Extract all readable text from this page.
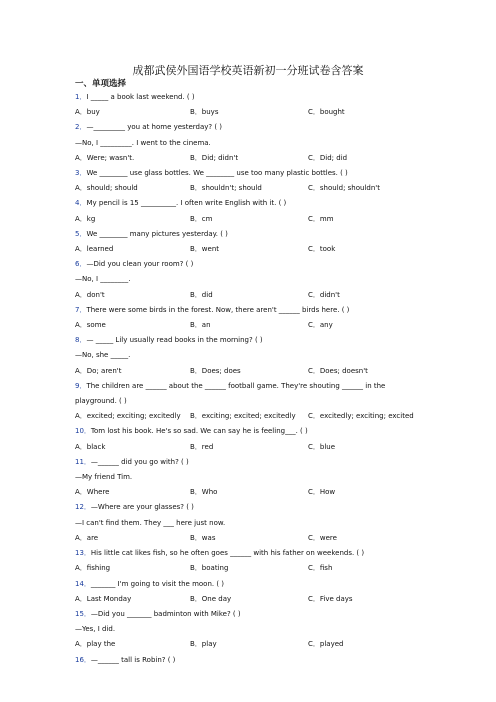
成都武侯外国语学校英语新初一分班试卷含答案
一、单项选择
1．I _____ a book last weekend. ( )
A．buy	B．buys	C．bought
2．—_________ you at home yesterday? ( )
—No, I _________. I went to the cinema.
A．Were; wasn't.	B．Did; didn't	C．Did; did
3．We ________ use glass bottles. We ________ use too many plastic bottles. ( )
A．should; should	B．shouldn't; should	C．should; shouldn't
4．My pencil is 15 __________. I often write English with it. ( )
A．kg	B．cm	C．mm
5．We ________ many pictures yesterday. ( )
A．learned	B．went	C．took
6．—Did you clean your room? ( )
—No, I ________.
A．don't	B．did	C．didn't
7．There were some birds in the forest. Now, there aren't ______ birds here. ( )
A．some	B．an	C．any
8．— _____ Lily usually read books in the morning? ( )
—No, she _____.
A．Do; aren't	B．Does; does	C．Does; doesn't
9．The children are ______ about the ______ football game. They're shouting ______ in the playground. ( )
A．excited; exciting; excitedly	B．exciting; excited; excitedly	C．excitedly; exciting; excited
10．Tom lost his book. He's so sad. We can say he is feeling___. ( )
A．black	B．red	C．blue
11．—______ did you go with? ( )
—My friend Tim.
A．Where	B．Who	C．How
12．—Where are your glasses? ( )
—I can't find them. They ___ here just now.
A．are	B．was	C．were
13．His little cat likes fish, so he often goes ______ with his father on weekends. ( )
A．fishing	B．boating	C．fish
14．_______ I'm going to visit the moon. ( )
A．Last Monday	B．One day	C．Five days
15．—Did you _______ badminton with Mike? ( )
—Yes, I did.
A．play the	B．play	C．played
16．—______ tall is Robin? ( )
